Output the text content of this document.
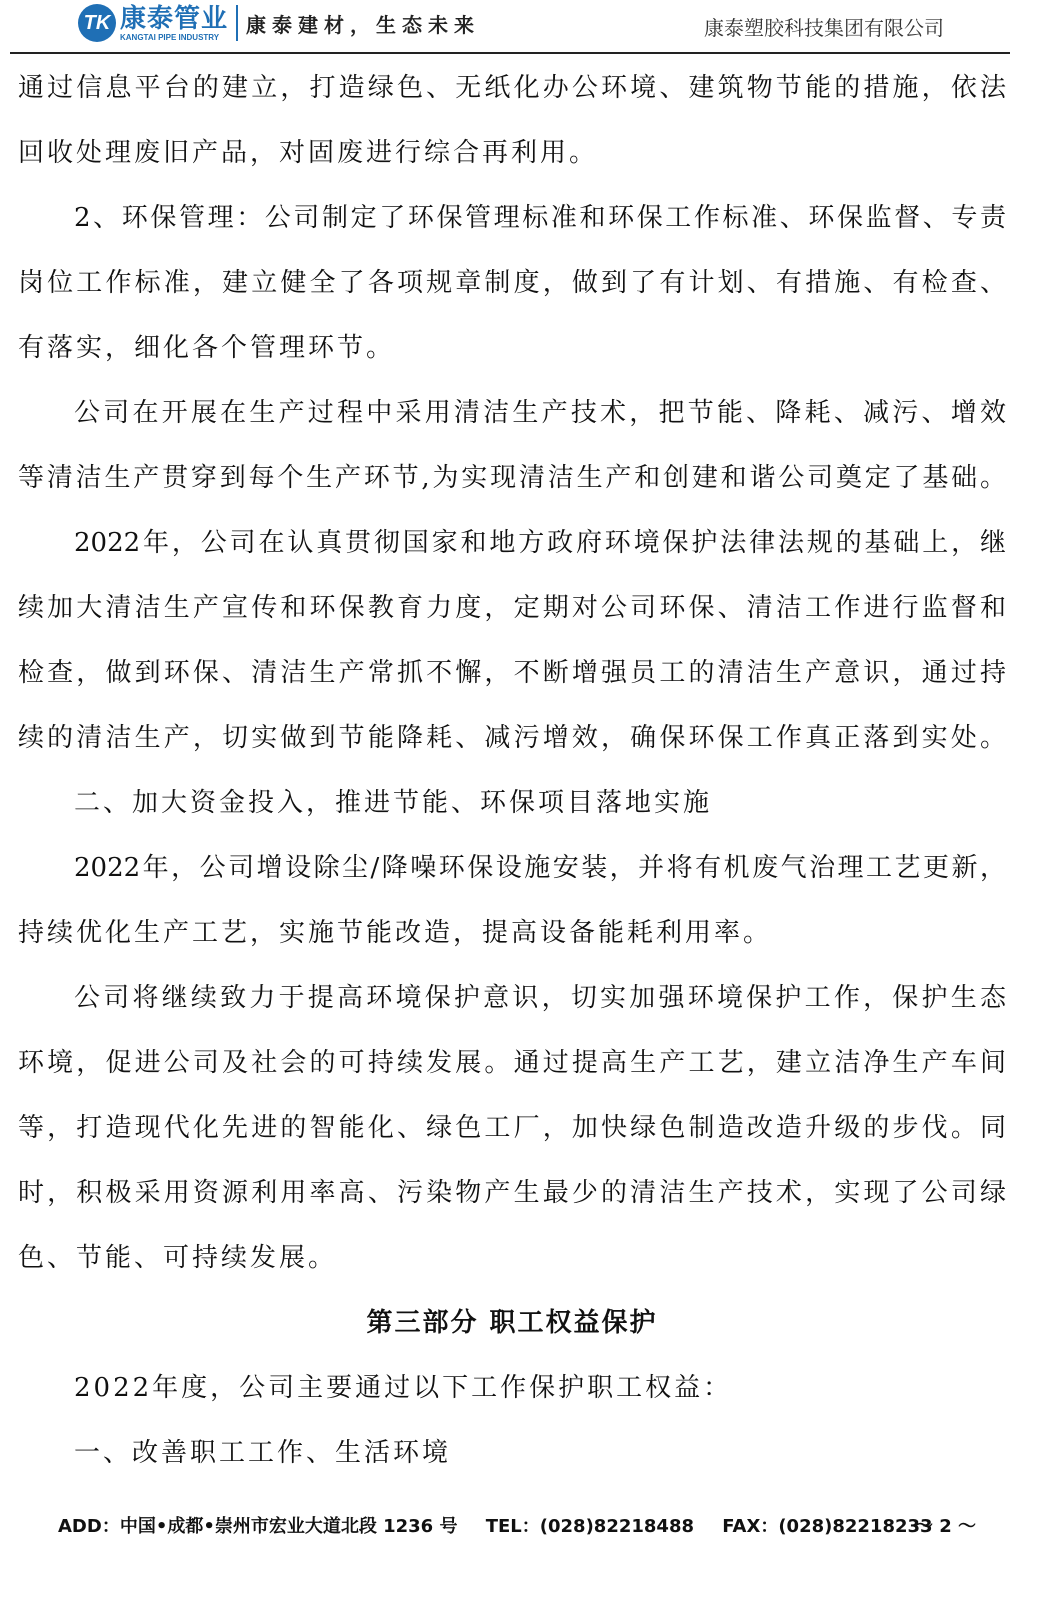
TK 康泰管业
KANGTAI PIPE INDUSTRY
康泰建材，生态未来	康泰塑胶科技集团有限公司
通过信息平台的建立，打造绿色、无纸化办公环境、建筑物节能的措施，依法
回收处理废旧产品，对固废进行综合再利用。
2、环保管理：公司制定了环保管理标准和环保工作标准、环保监督、专责
岗位工作标准，建立健全了各项规章制度，做到了有计划、有措施、有检查、
有落实，细化各个管理环节。
公司在开展在生产过程中采用清洁生产技术，把节能、降耗、减污、增效
等清洁生产贯穿到每个生产环节,为实现清洁生产和创建和谐公司奠定了基础。
2022年，公司在认真贯彻国家和地方政府环境保护法律法规的基础上，继
续加大清洁生产宣传和环保教育力度，定期对公司环保、清洁工作进行监督和
检查，做到环保、清洁生产常抓不懈，不断增强员工的清洁生产意识，通过持
续的清洁生产，切实做到节能降耗、减污增效，确保环保工作真正落到实处。
二、加大资金投入，推进节能、环保项目落地实施
2022年，公司增设除尘/降噪环保设施安装，并将有机废气治理工艺更新，
持续优化生产工艺，实施节能改造，提高设备能耗利用率。
公司将继续致力于提高环境保护意识，切实加强环境保护工作，保护生态
环境，促进公司及社会的可持续发展。通过提高生产工艺，建立洁净生产车间
等，打造现代化先进的智能化、绿色工厂，加快绿色制造改造升级的步伐。同
时，积极采用资源利用率高、污染物产生最少的清洁生产技术，实现了公司绿
色、节能、可持续发展。
第三部分 职工权益保护
2022年度，公司主要通过以下工作保护职工权益：
一、改善职工工作、生活环境
ADD：中国•成都•崇州市宏业大道北段 1236 号 TEL：(028)82218488 FAX：(028)82218233
～ 2 ～
